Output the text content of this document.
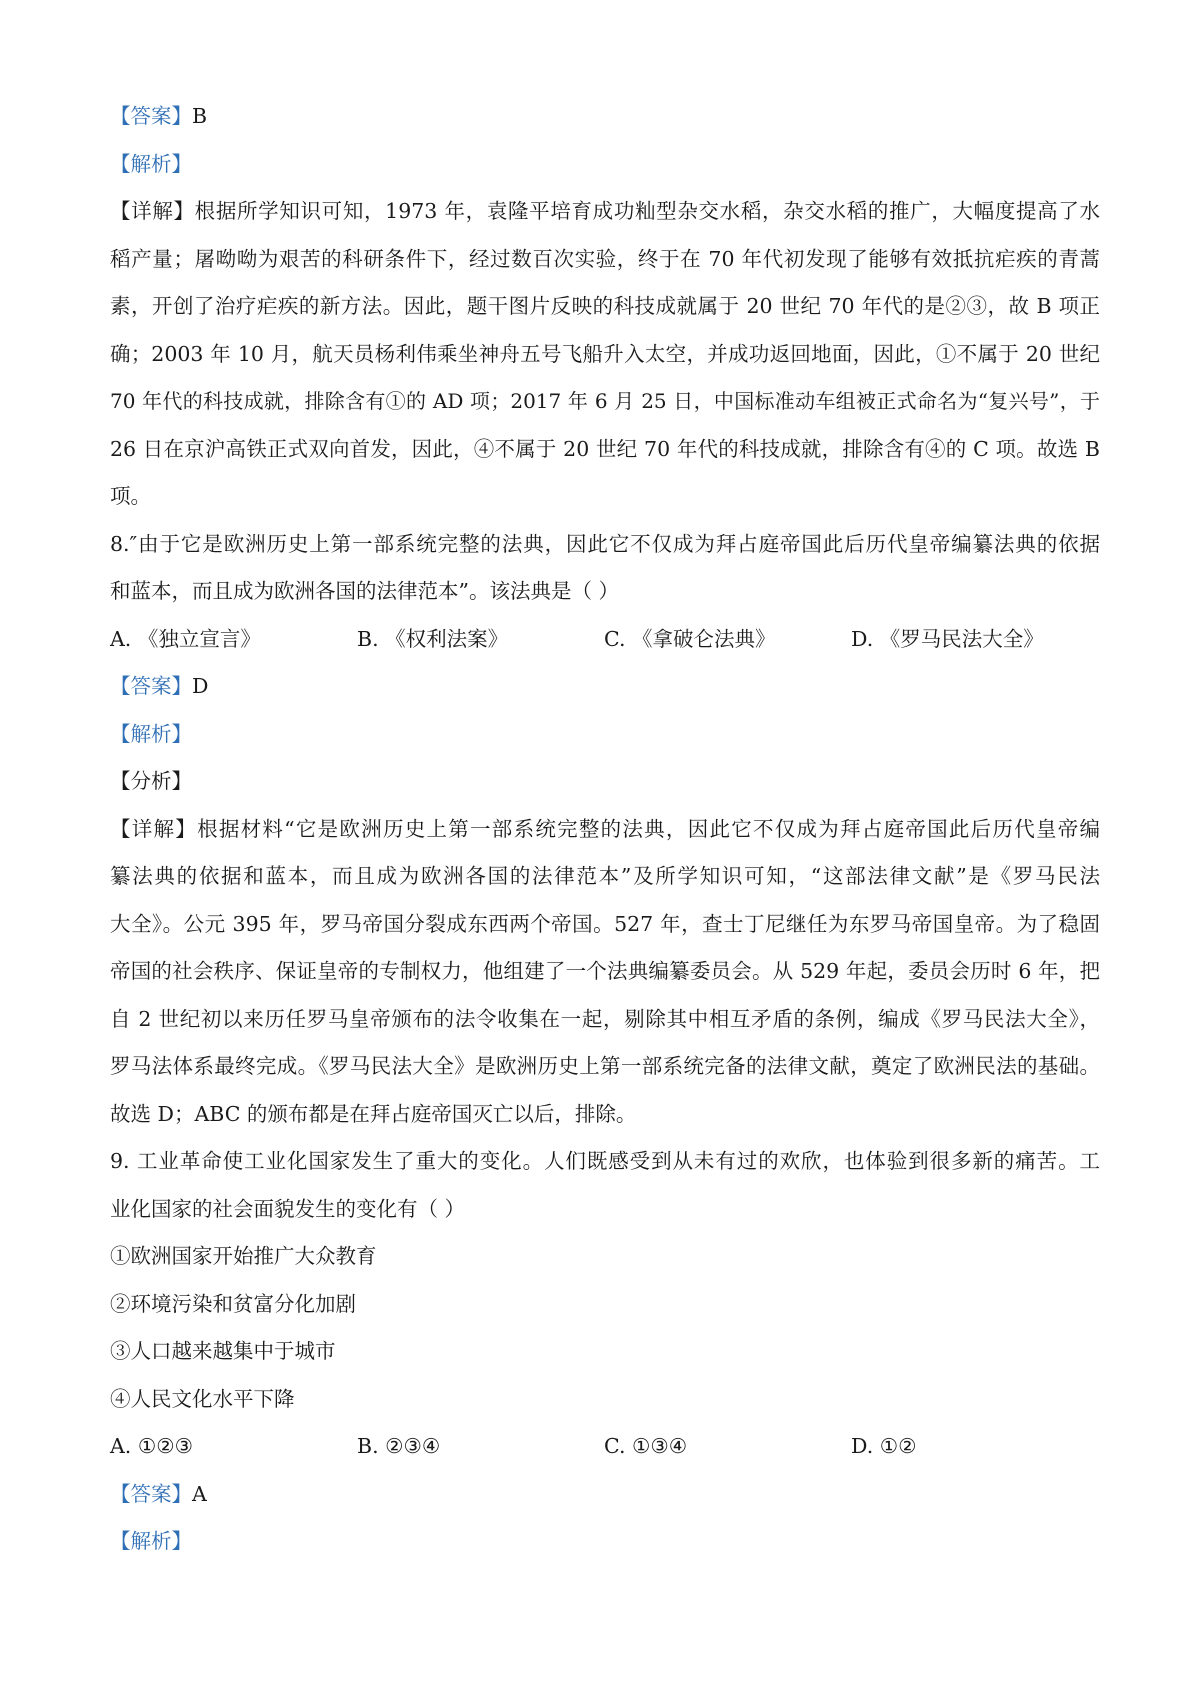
【答案】B
【解析】
【详解】根据所学知识可知，1973 年，袁隆平培育成功籼型杂交水稻，杂交水稻的推广，大幅度提高了水
稻产量；屠呦呦为艰苦的科研条件下，经过数百次实验，终于在 70 年代初发现了能够有效抵抗疟疾的青蒿
素，开创了治疗疟疾的新方法。因此，题干图片反映的科技成就属于 20 世纪 70 年代的是②③，故 B 项正
确；2003 年 10 月，航天员杨利伟乘坐神舟五号飞船升入太空，并成功返回地面，因此，①不属于 20 世纪
70 年代的科技成就，排除含有①的 AD 项；2017 年 6 月 25 日，中国标准动车组被正式命名为“复兴号”，于
26 日在京沪高铁正式双向首发，因此，④不属于 20 世纪 70 年代的科技成就，排除含有④的 C 项。故选 B
项。
8.″由于它是欧洲历史上第一部系统完整的法典，因此它不仅成为拜占庭帝国此后历代皇帝编纂法典的依据
和蓝本，而且成为欧洲各国的法律范本”。该法典是（ ）
A. 《独立宣言》	B. 《权利法案》	C. 《拿破仑法典》	D. 《罗马民法大全》
【答案】D
【解析】
【分析】
【详解】根据材料“它是欧洲历史上第一部系统完整的法典，因此它不仅成为拜占庭帝国此后历代皇帝编
纂法典的依据和蓝本，而且成为欧洲各国的法律范本”及所学知识可知，“这部法律文献”是《罗马民法
大全》。公元 395 年，罗马帝国分裂成东西两个帝国。527 年，查士丁尼继任为东罗马帝国皇帝。为了稳固
帝国的社会秩序、保证皇帝的专制权力，他组建了一个法典编纂委员会。从 529 年起，委员会历时 6 年，把
自 2 世纪初以来历任罗马皇帝颁布的法令收集在一起，剔除其中相互矛盾的条例，编成《罗马民法大全》，
罗马法体系最终完成。《罗马民法大全》是欧洲历史上第一部系统完备的法律文献，奠定了欧洲民法的基础。
故选 D；ABC 的颁布都是在拜占庭帝国灭亡以后，排除。
9. 工业革命使工业化国家发生了重大的变化。人们既感受到从未有过的欢欣，也体验到很多新的痛苦。工
业化国家的社会面貌发生的变化有（ ）
①欧洲国家开始推广大众教育
②环境污染和贫富分化加剧
③人口越来越集中于城市
④人民文化水平下降
A. ①②③	B. ②③④	C. ①③④	D. ①②
【答案】A
【解析】
